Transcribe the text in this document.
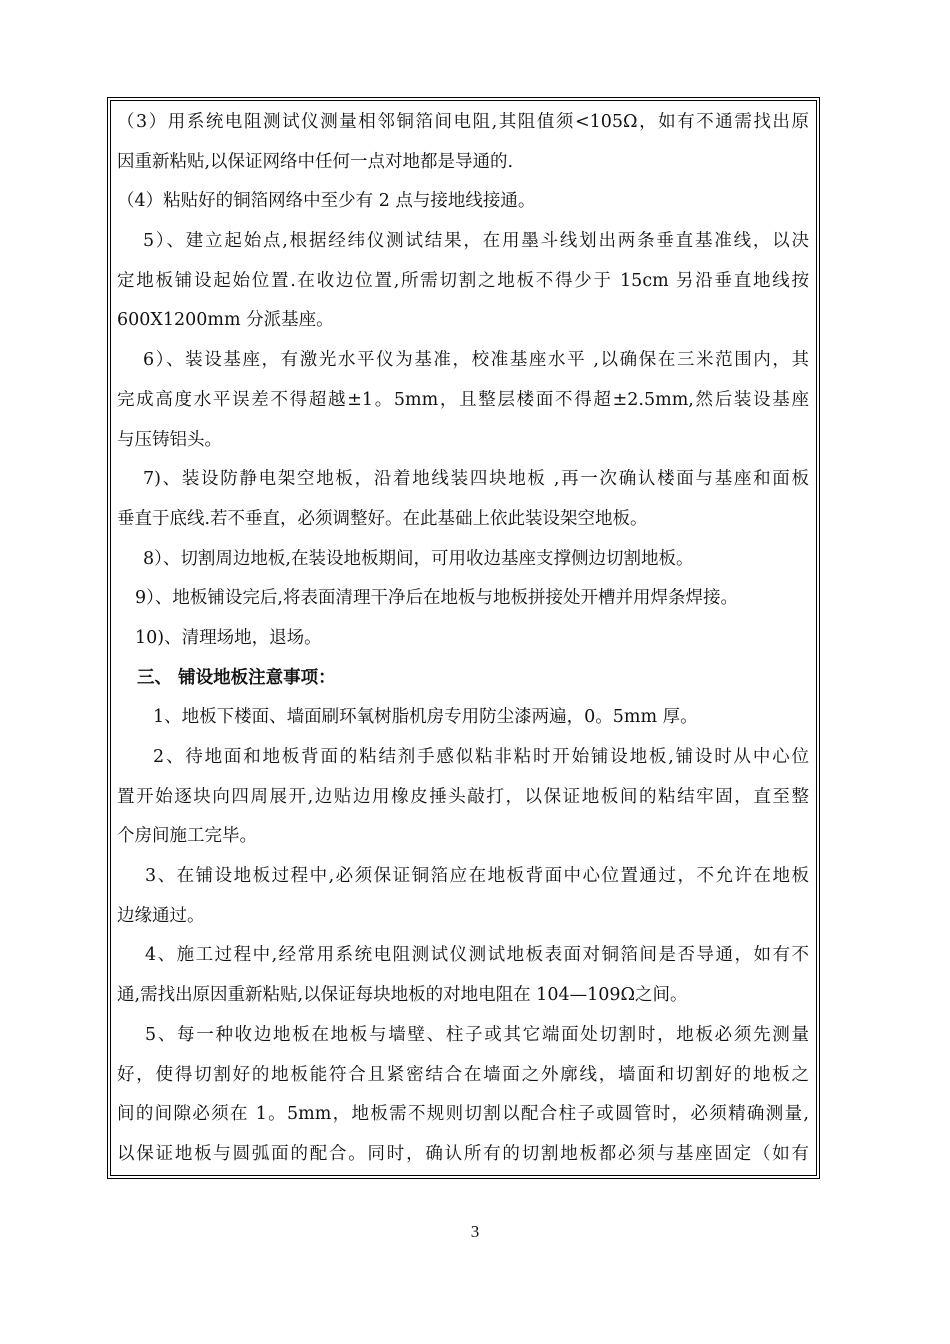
（3）用系统电阻测试仪测量相邻铜箔间电阻,其阻值须<105Ω，如有不通需找出原
因重新粘贴,以保证网络中任何一点对地都是导通的.
（4）粘贴好的铜箔网络中至少有 2 点与接地线接通。
5）、建立起始点,根据经纬仪测试结果，在用墨斗线划出两条垂直基准线，以决
定地板铺设起始位置.在收边位置,所需切割之地板不得少于 15cm 另沿垂直地线按
600X1200mm 分派基座。
6）、装设基座，有激光水平仪为基准，校准基座水平 ,以确保在三米范围内，其
完成高度水平误差不得超越±1。5mm，且整层楼面不得超±2.5mm,然后装设基座
与压铸铝头。
7)、装设防静电架空地板，沿着地线装四块地板 ,再一次确认楼面与基座和面板
垂直于底线.若不垂直，必须调整好。在此基础上依此装设架空地板。
8）、切割周边地板,在装设地板期间，可用收边基座支撑侧边切割地板。
9）、地板铺设完后,将表面清理干净后在地板与地板拼接处开槽并用焊条焊接。
10)、清理场地，退场。
三、 铺设地板注意事项：
1、地板下楼面、墙面刷环氧树脂机房专用防尘漆两遍，0。5mm 厚。
2、待地面和地板背面的粘结剂手感似粘非粘时开始铺设地板,铺设时从中心位
置开始逐块向四周展开,边贴边用橡皮捶头敲打，以保证地板间的粘结牢固，直至整
个房间施工完毕。
3、在铺设地板过程中,必须保证铜箔应在地板背面中心位置通过，不允许在地板
边缘通过。
4、施工过程中,经常用系统电阻测试仪测试地板表面对铜箔间是否导通，如有不
通,需找出原因重新粘贴,以保证每块地板的对地电阻在 104—109Ω之间。
5、每一种收边地板在地板与墙壁、柱子或其它端面处切割时，地板必须先测量
好，使得切割好的地板能符合且紧密结合在墙面之外廓线，墙面和切割好的地板之
间的间隙必须在 1。5mm，地板需不规则切割以配合柱子或圆管时，必须精确测量,
以保证地板与圆弧面的配合。同时，确认所有的切割地板都必须与基座固定（如有
3
